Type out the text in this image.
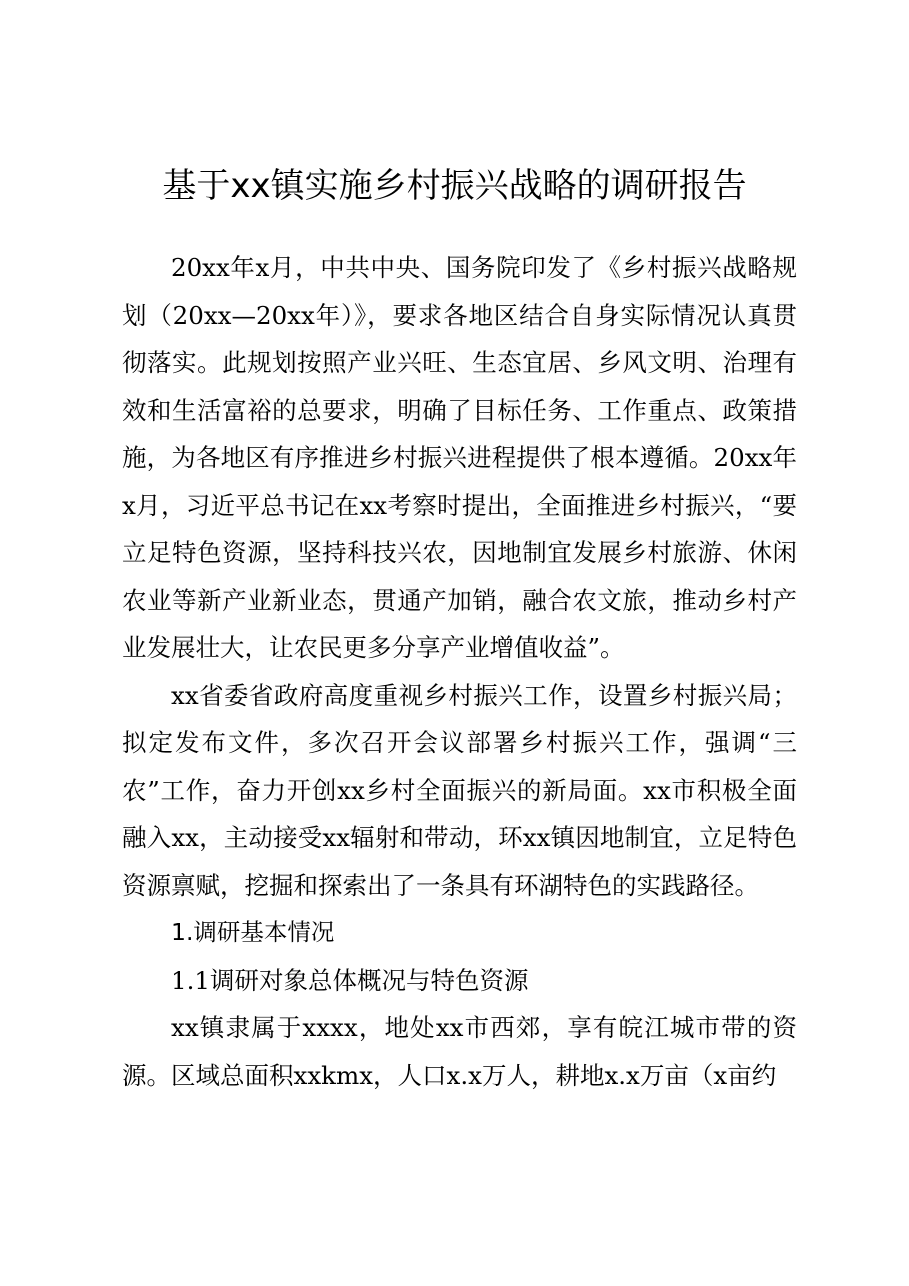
基于xx镇实施乡村振兴战略的调研报告

20xx年x月，中共中央、国务院印发了《乡村振兴战略规划（20xx—20xx年）》，要求各地区结合自身实际情况认真贯彻落实。此规划按照产业兴旺、生态宜居、乡风文明、治理有效和生活富裕的总要求，明确了目标任务、工作重点、政策措施，为各地区有序推进乡村振兴进程提供了根本遵循。20xx年x月，习近平总书记在xx考察时提出，全面推进乡村振兴，“要立足特色资源，坚持科技兴农，因地制宜发展乡村旅游、休闲农业等新产业新业态，贯通产加销，融合农文旅，推动乡村产业发展壮大，让农民更多分享产业增值收益”。

xx省委省政府高度重视乡村振兴工作，设置乡村振兴局；拟定发布文件，多次召开会议部署乡村振兴工作，强调“三农”工作，奋力开创xx乡村全面振兴的新局面。xx市积极全面融入xx，主动接受xx辐射和带动，环xx镇因地制宜，立足特色资源禀赋，挖掘和探索出了一条具有环湖特色的实践路径。

1.调研基本情况

1.1调研对象总体概况与特色资源

xx镇隶属于xxxx，地处xx市西郊，享有皖江城市带的资源。区域总面积xxkmx，人口x.x万人，耕地x.x万亩（x亩约
